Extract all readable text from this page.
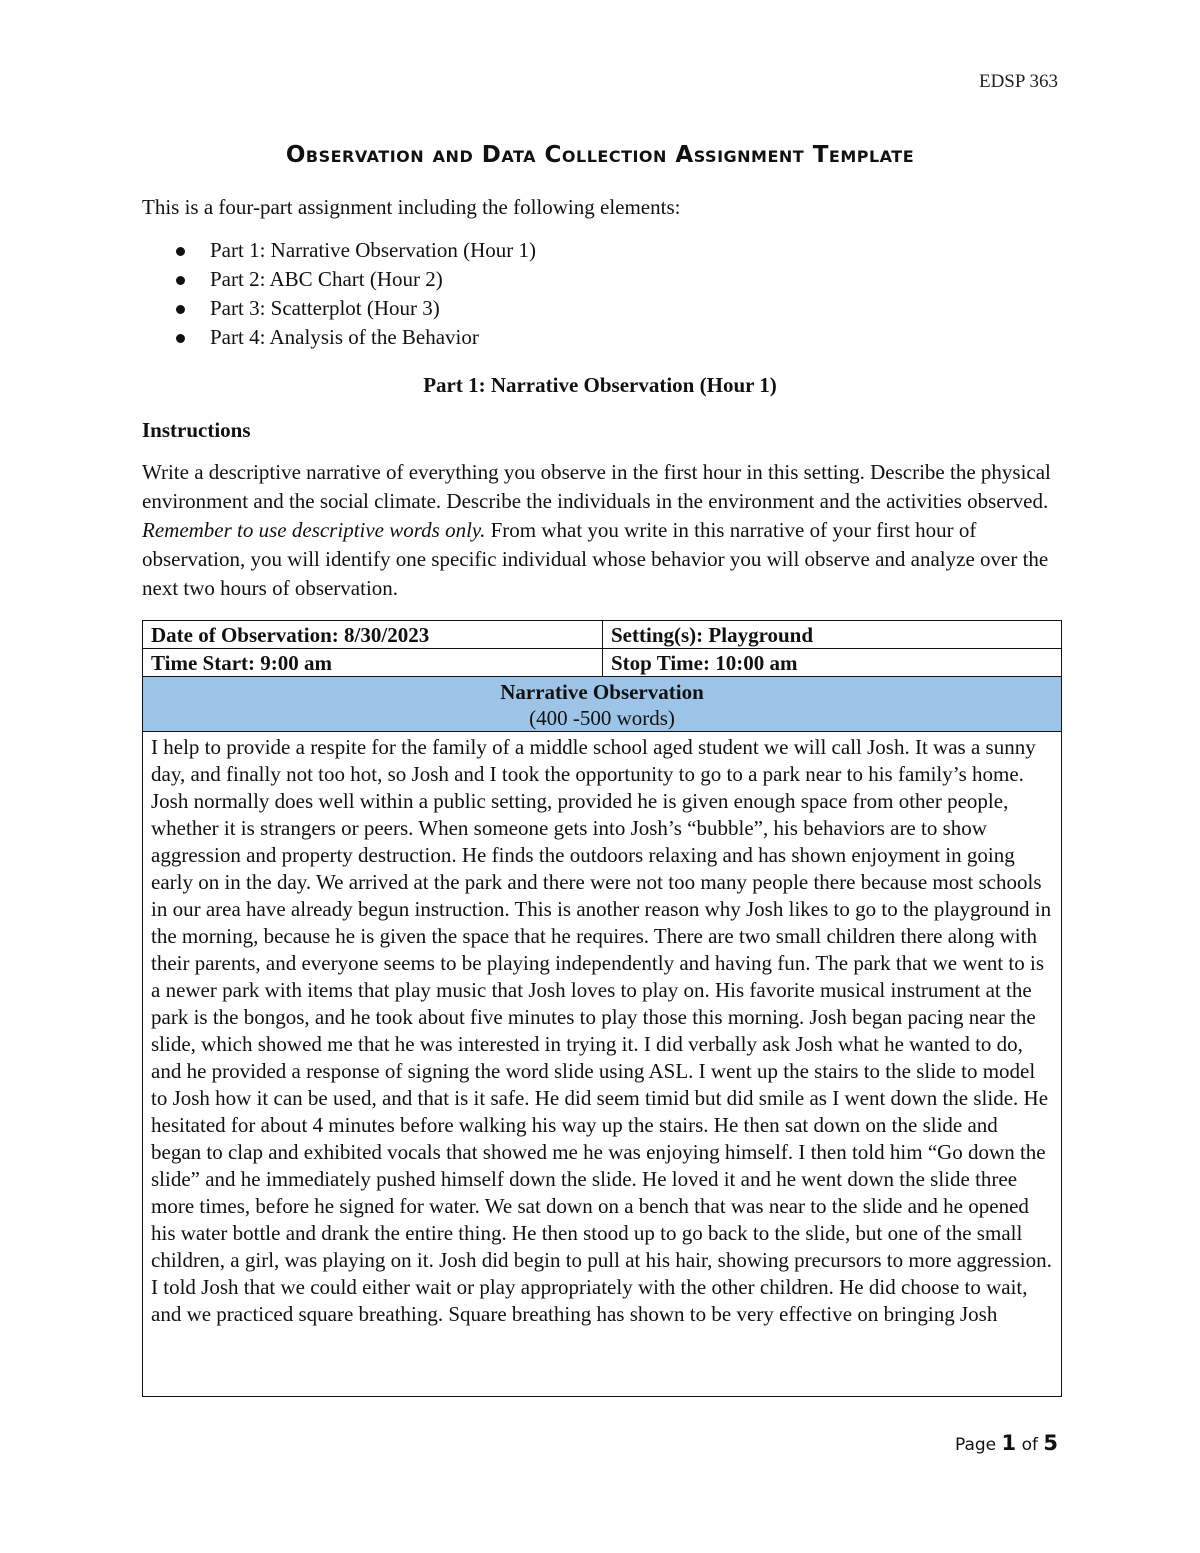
EDSP 363
Observation and Data Collection Assignment Template
This is a four-part assignment including the following elements:
Part 1: Narrative Observation (Hour 1)
Part 2: ABC Chart (Hour 2)
Part 3: Scatterplot (Hour 3)
Part 4: Analysis of the Behavior
Part 1: Narrative Observation (Hour 1)
Instructions
Write a descriptive narrative of everything you observe in the first hour in this setting. Describe the physical environment and the social climate. Describe the individuals in the environment and the activities observed. Remember to use descriptive words only. From what you write in this narrative of your first hour of observation, you will identify one specific individual whose behavior you will observe and analyze over the next two hours of observation.
Date of Observation: 8/30/2023	Setting(s): Playground
Time Start: 9:00 am	Stop Time: 10:00 am
Narrative Observation
(400 -500 words)
I help to provide a respite for the family of a middle school aged student we will call Josh. It was a sunny day, and finally not too hot, so Josh and I took the opportunity to go to a park near to his family’s home. Josh normally does well within a public setting, provided he is given enough space from other people, whether it is strangers or peers. When someone gets into Josh’s “bubble”, his behaviors are to show aggression and property destruction. He finds the outdoors relaxing and has shown enjoyment in going early on in the day. We arrived at the park and there were not too many people there because most schools in our area have already begun instruction. This is another reason why Josh likes to go to the playground in the morning, because he is given the space that he requires. There are two small children there along with their parents, and everyone seems to be playing independently and having fun. The park that we went to is a newer park with items that play music that Josh loves to play on. His favorite musical instrument at the park is the bongos, and he took about five minutes to play those this morning. Josh began pacing near the slide, which showed me that he was interested in trying it. I did verbally ask Josh what he wanted to do, and he provided a response of signing the word slide using ASL. I went up the stairs to the slide to model to Josh how it can be used, and that is it safe. He did seem timid but did smile as I went down the slide. He hesitated for about 4 minutes before walking his way up the stairs. He then sat down on the slide and began to clap and exhibited vocals that showed me he was enjoying himself. I then told him “Go down the slide” and he immediately pushed himself down the slide. He loved it and he went down the slide three more times, before he signed for water. We sat down on a bench that was near to the slide and he opened his water bottle and drank the entire thing. He then stood up to go back to the slide, but one of the small children, a girl, was playing on it. Josh did begin to pull at his hair, showing precursors to more aggression. I told Josh that we could either wait or play appropriately with the other children. He did choose to wait, and we practiced square breathing. Square breathing has shown to be very effective on bringing Josh
Page 1 of 5
